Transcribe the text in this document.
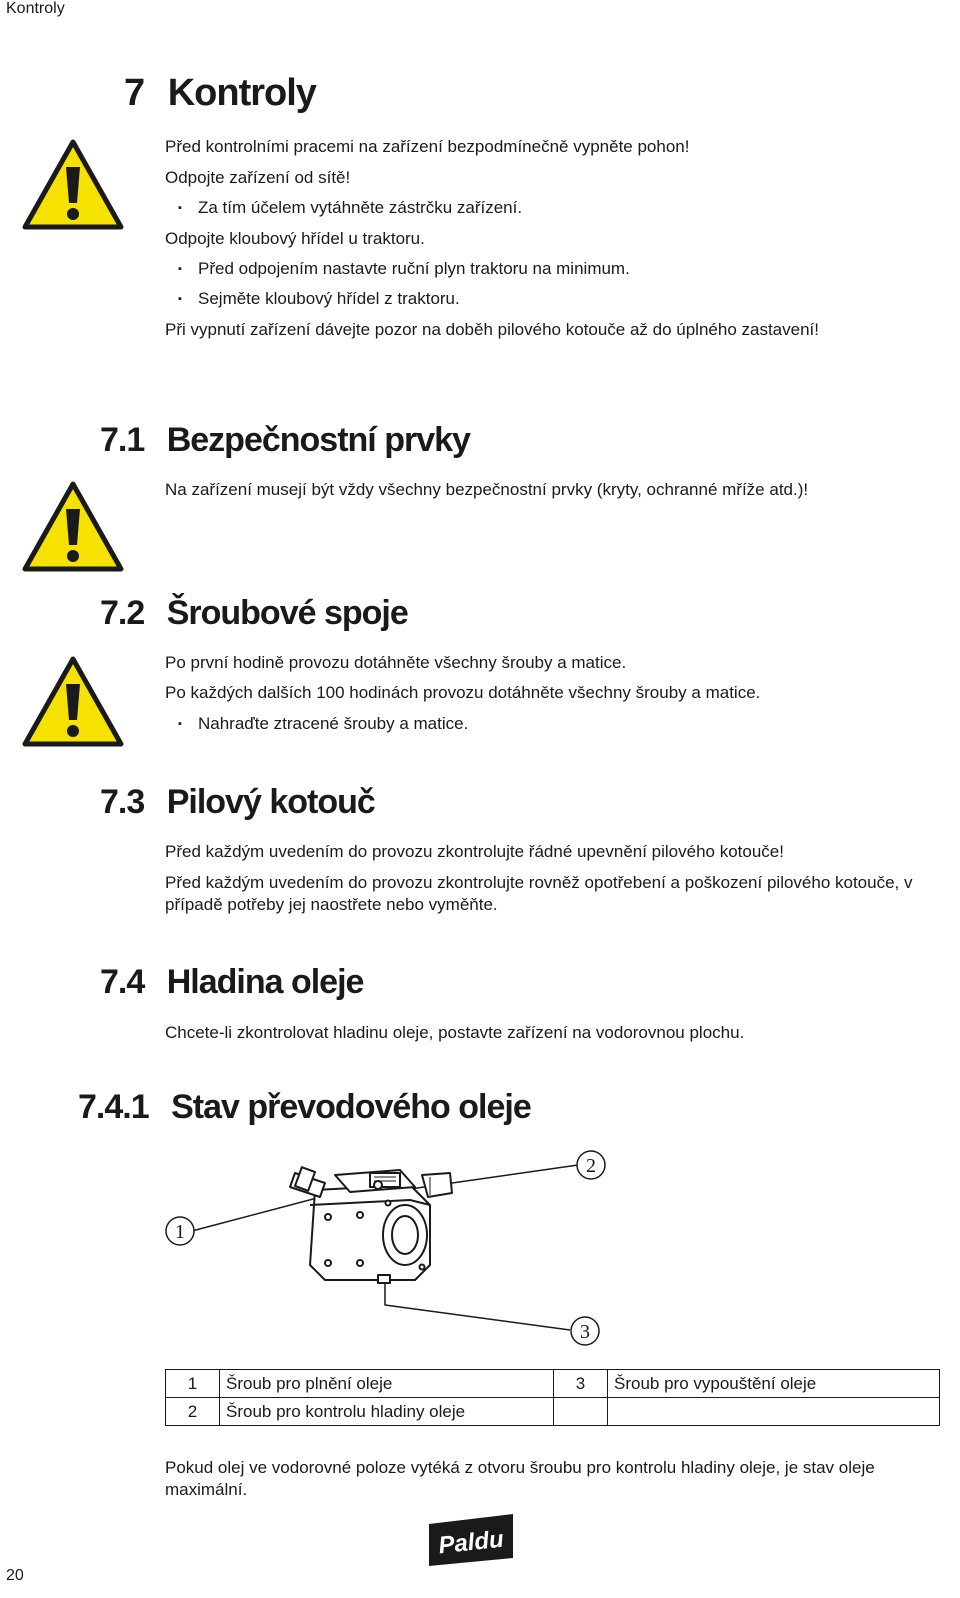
Kontroly
7 Kontroly
Před kontrolními pracemi na zařízení bezpodmínečně vypněte pohon!
Odpojte zařízení od sítě!
▪ Za tím účelem vytáhněte zástrčku zařízení.
Odpojte kloubový hřídel u traktoru.
▪ Před odpojením nastavte ruční plyn traktoru na minimum.
▪ Sejměte kloubový hřídel z traktoru.
Při vypnutí zařízení dávejte pozor na doběh pilového kotouče až do úplného zastavení!
7.1 Bezpečnostní prvky
Na zařízení musejí být vždy všechny bezpečnostní prvky (kryty, ochranné mříže atd.)!
7.2 Šroubové spoje
Po první hodině provozu dotáhněte všechny šrouby a matice.
Po každých dalších 100 hodinách provozu dotáhněte všechny šrouby a matice.
▪ Nahraďte ztracené šrouby a matice.
7.3 Pilový kotouč
Před každým uvedením do provozu zkontrolujte řádné upevnění pilového kotouče!
Před každým uvedením do provozu zkontrolujte rovněž opotřebení a poškození pilového kotouče, v případě potřeby jej naostřete nebo vyměňte.
7.4 Hladina oleje
Chcete-li zkontrolovat hladinu oleje, postavte zařízení na vodorovnou plochu.
7.4.1 Stav převodového oleje
1
2
3
1	Šroub pro plnění oleje	3	Šroub pro vypouštění oleje
2	Šroub pro kontrolu hladiny oleje		
Pokud olej ve vodorovné poloze vytéká z otvoru šroubu pro kontrolu hladiny oleje, je stav oleje maximální.
20
Paldu
